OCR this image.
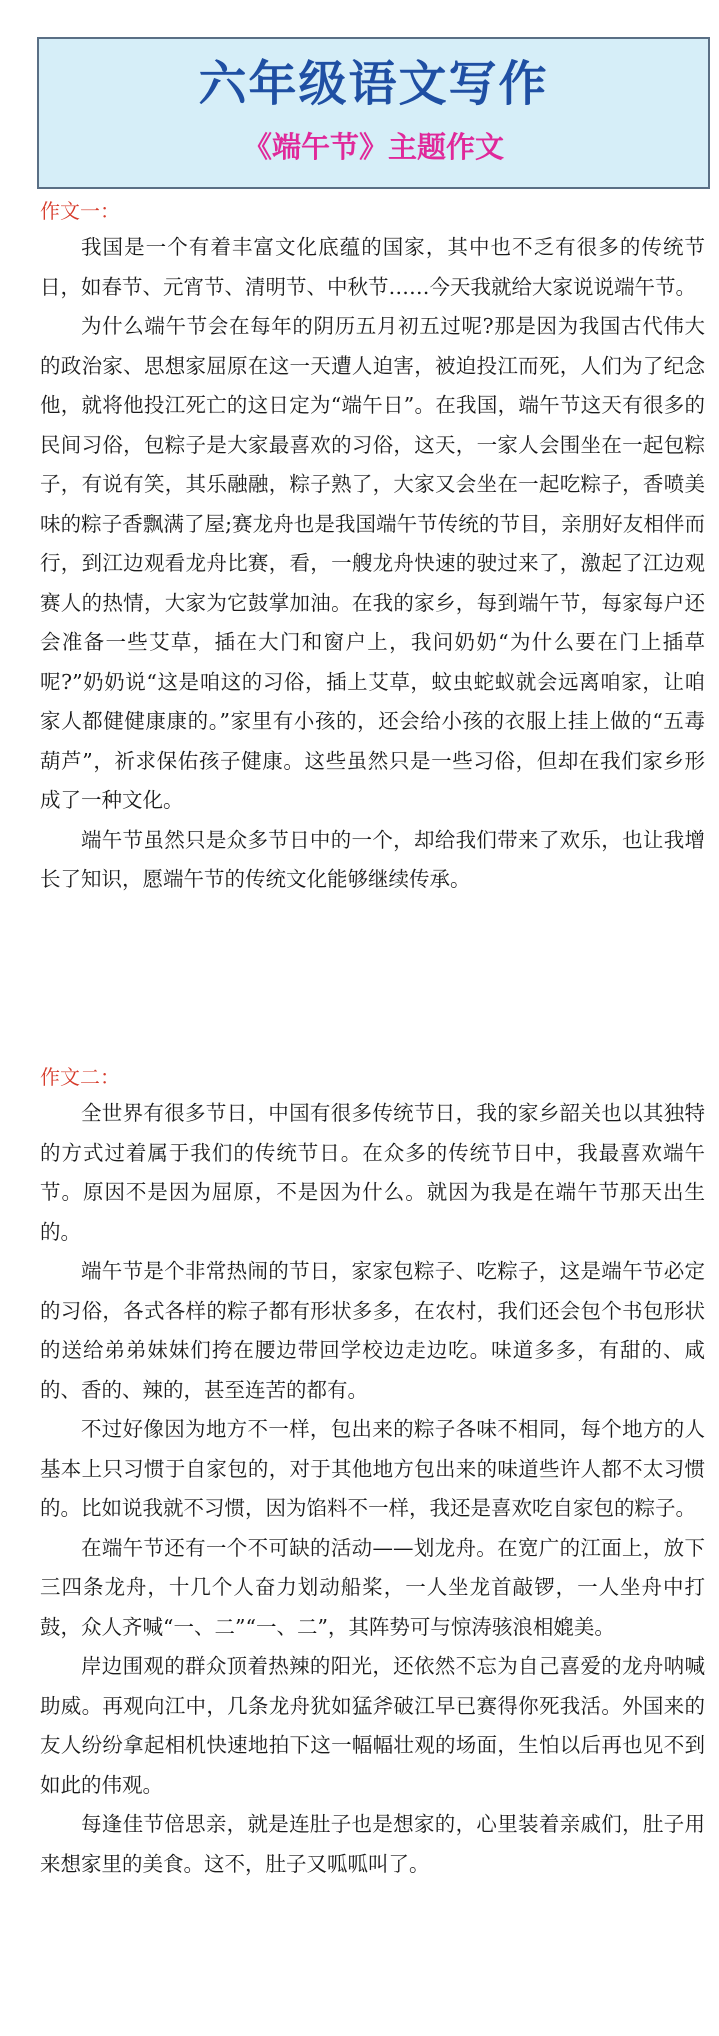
六年级语文写作
《端午节》主题作文
作文一：

我国是一个有着丰富文化底蕴的国家，其中也不乏有很多的传统节日，如春节、元宵节、清明节、中秋节……今天我就给大家说说端午节。

为什么端午节会在每年的阴历五月初五过呢?那是因为我国古代伟大的政治家、思想家屈原在这一天遭人迫害，被迫投江而死，人们为了纪念他，就将他投江死亡的这日定为“端午日”。在我国，端午节这天有很多的民间习俗，包粽子是大家最喜欢的习俗，这天，一家人会围坐在一起包粽子，有说有笑，其乐融融，粽子熟了，大家又会坐在一起吃粽子，香喷美味的粽子香飘满了屋;赛龙舟也是我国端午节传统的节目，亲朋好友相伴而行，到江边观看龙舟比赛，看，一艘龙舟快速的驶过来了，激起了江边观赛人的热情，大家为它鼓掌加油。在我的家乡，每到端午节，每家每户还会准备一些艾草，插在大门和窗户上，我问奶奶“为什么要在门上插草呢?”奶奶说“这是咱这的习俗，插上艾草，蚊虫蛇蚁就会远离咱家，让咱家人都健健康康的。”家里有小孩的，还会给小孩的衣服上挂上做的“五毒葫芦”，祈求保佑孩子健康。这些虽然只是一些习俗，但却在我们家乡形成了一种文化。

端午节虽然只是众多节日中的一个，却给我们带来了欢乐，也让我增长了知识，愿端午节的传统文化能够继续传承。

作文二：

全世界有很多节日，中国有很多传统节日，我的家乡韶关也以其独特的方式过着属于我们的传统节日。在众多的传统节日中，我最喜欢端午节。原因不是因为屈原，不是因为什么。就因为我是在端午节那天出生的。

端午节是个非常热闹的节日，家家包粽子、吃粽子，这是端午节必定的习俗，各式各样的粽子都有形状多多，在农村，我们还会包个书包形状的送给弟弟妹妹们挎在腰边带回学校边走边吃。味道多多，有甜的、咸的、香的、辣的，甚至连苦的都有。

不过好像因为地方不一样，包出来的粽子各味不相同，每个地方的人基本上只习惯于自家包的，对于其他地方包出来的味道些许人都不太习惯的。比如说我就不习惯，因为馅料不一样，我还是喜欢吃自家包的粽子。

在端午节还有一个不可缺的活动——划龙舟。在宽广的江面上，放下三四条龙舟，十几个人奋力划动船桨，一人坐龙首敲锣，一人坐舟中打鼓，众人齐喊“一、二”“一、二”，其阵势可与惊涛骇浪相媲美。

岸边围观的群众顶着热辣的阳光，还依然不忘为自己喜爱的龙舟呐喊助威。再观向江中，几条龙舟犹如猛斧破江早已赛得你死我活。外国来的友人纷纷拿起相机快速地拍下这一幅幅壮观的场面，生怕以后再也见不到如此的伟观。

每逢佳节倍思亲，就是连肚子也是想家的，心里装着亲戚们，肚子用来想家里的美食。这不，肚子又呱呱叫了。
